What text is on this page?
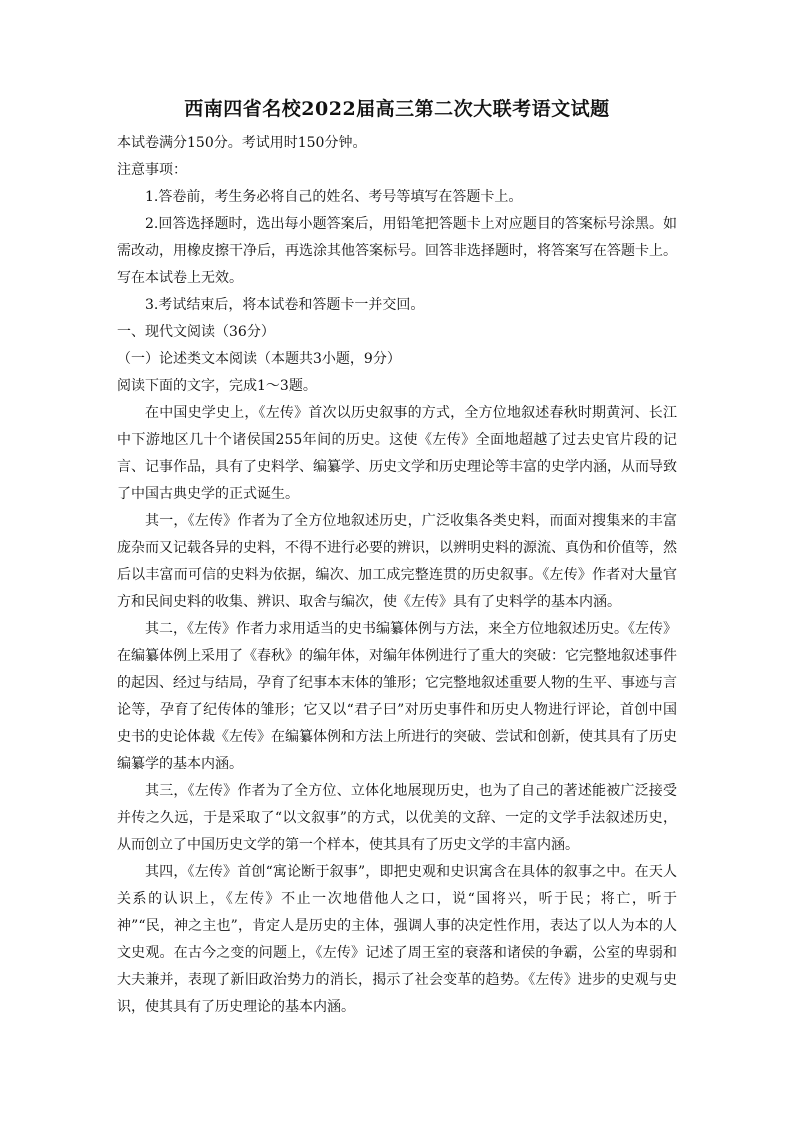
西南四省名校2022届高三第二次大联考语文试题

本试卷满分150分。考试用时150分钟。

注意事项：

1.答卷前，考生务必将自己的姓名、考号等填写在答题卡上。

2.回答选择题时，选出每小题答案后，用铅笔把答题卡上对应题目的答案标号涂黑。如需改动，用橡皮擦干净后，再选涂其他答案标号。回答非选择题时，将答案写在答题卡上。写在本试卷上无效。

3.考试结束后，将本试卷和答题卡一并交回。

一、现代文阅读（36分）

（一）论述类文本阅读（本题共3小题，9分）

阅读下面的文字，完成1～3题。

在中国史学史上，《左传》首次以历史叙事的方式，全方位地叙述春秋时期黄河、长江中下游地区几十个诸侯国255年间的历史。这使《左传》全面地超越了过去史官片段的记言、记事作品，具有了史料学、编纂学、历史文学和历史理论等丰富的史学内涵，从而导致了中国古典史学的正式诞生。

其一，《左传》作者为了全方位地叙述历史，广泛收集各类史料，而面对搜集来的丰富庞杂而又记载各异的史料，不得不进行必要的辨识，以辨明史料的源流、真伪和价值等，然后以丰富而可信的史料为依据，编次、加工成完整连贯的历史叙事。《左传》作者对大量官方和民间史料的收集、辨识、取舍与编次，使《左传》具有了史料学的基本内涵。

其二，《左传》作者力求用适当的史书编纂体例与方法，来全方位地叙述历史。《左传》在编纂体例上采用了《春秋》的编年体，对编年体例进行了重大的突破：它完整地叙述事件的起因、经过与结局，孕育了纪事本末体的雏形；它完整地叙述重要人物的生平、事迹与言论等，孕育了纪传体的雏形；它又以“君子曰”对历史事件和历史人物进行评论，首创中国史书的史论体裁《左传》在编纂体例和方法上所进行的突破、尝试和创新，使其具有了历史编纂学的基本内涵。

其三，《左传》作者为了全方位、立体化地展现历史，也为了自己的著述能被广泛接受并传之久远，于是采取了“以文叙事”的方式，以优美的文辞、一定的文学手法叙述历史，从而创立了中国历史文学的第一个样本，使其具有了历史文学的丰富内涵。

其四，《左传》首创“寓论断于叙事”，即把史观和史识寓含在具体的叙事之中。在天人关系的认识上，《左传》不止一次地借他人之口，说“国将兴，听于民；将亡，听于神”“民，神之主也”，肯定人是历史的主体，强调人事的决定性作用，表达了以人为本的人文史观。在古今之变的问题上，《左传》记述了周王室的衰落和诸侯的争霸，公室的卑弱和大夫兼并，表现了新旧政治势力的消长，揭示了社会变革的趋势。《左传》进步的史观与史识，使其具有了历史理论的基本内涵。
